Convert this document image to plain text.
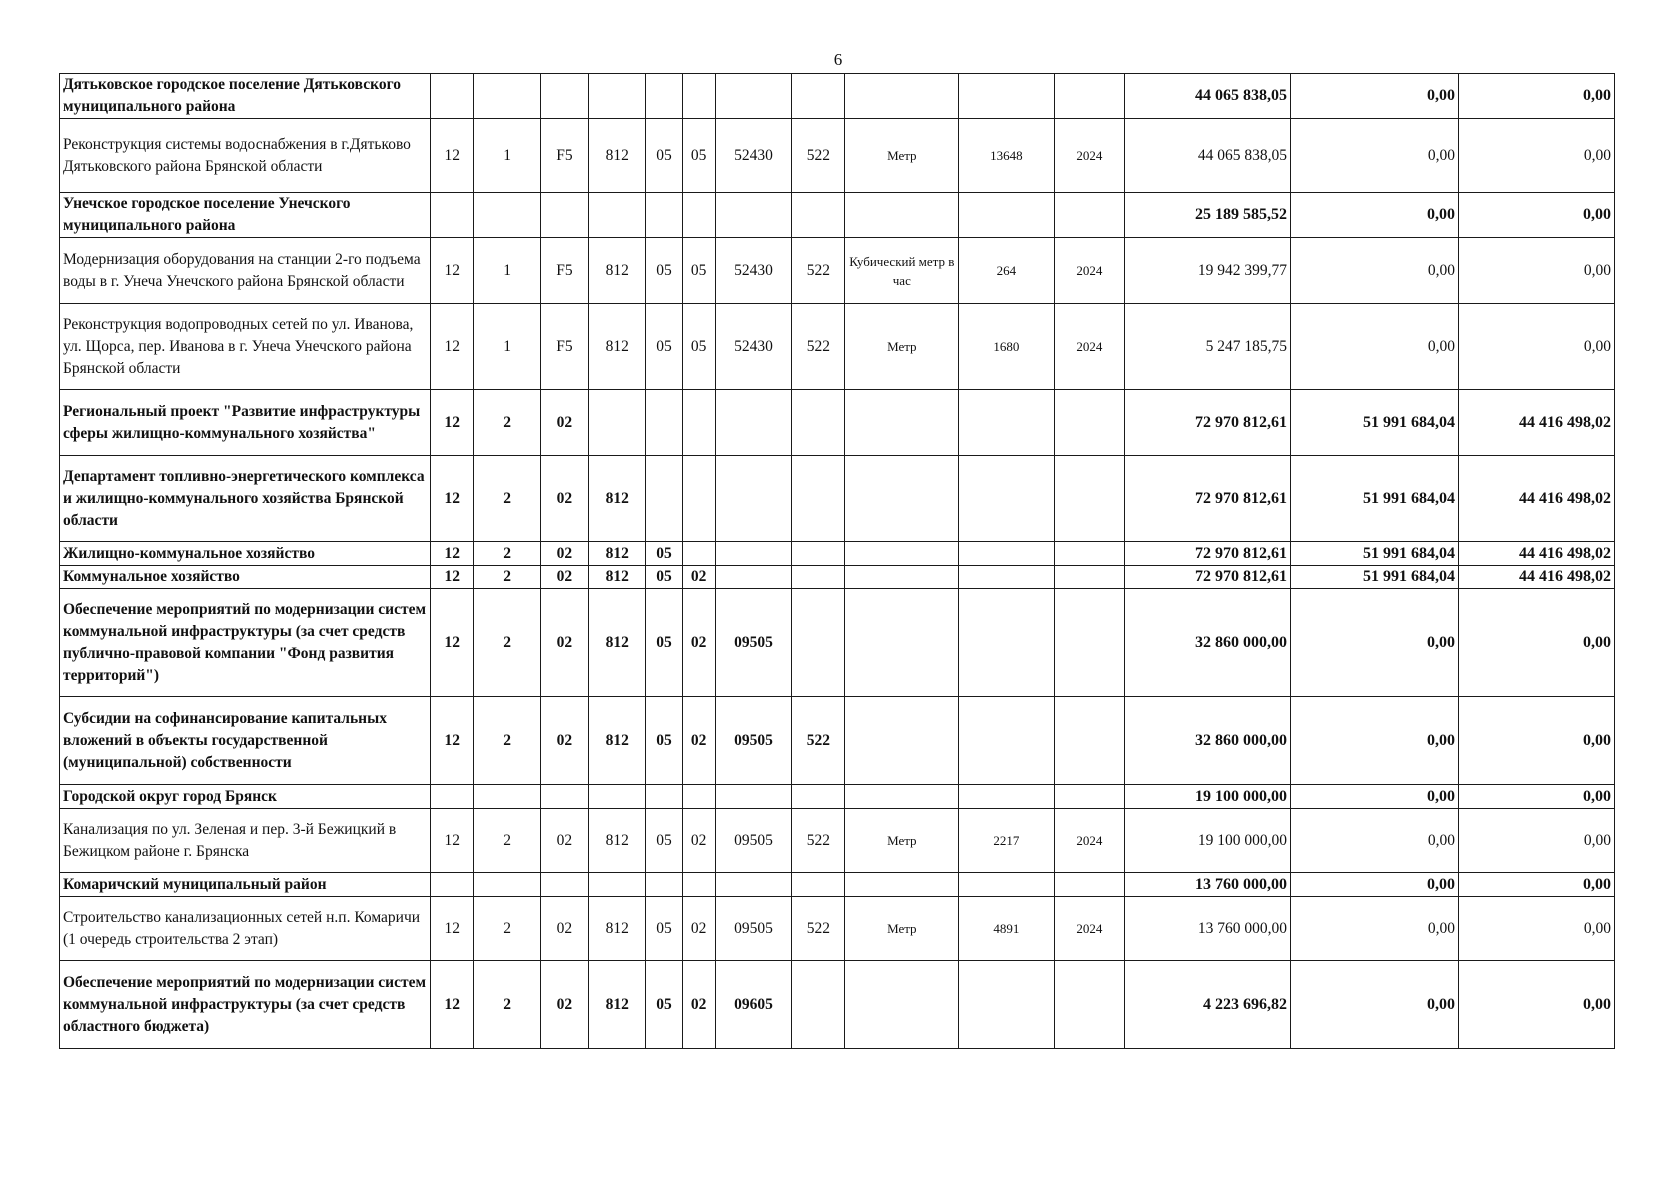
6
Дятьковское городское поселение Дятьковского муниципального района												44 065 838,05	0,00	0,00
Реконструкция системы водоснабжения в г.Дятьково Дятьковского района Брянской области	12	1	F5	812	05	05	52430	522	Метр	13648	2024	44 065 838,05	0,00	0,00
Унечское городское поселение Унечского муниципального района												25 189 585,52	0,00	0,00
Модернизация оборудования на станции 2-го подъема воды в г. Унеча Унечского района Брянской области	12	1	F5	812	05	05	52430	522	Кубический метр в час	264	2024	19 942 399,77	0,00	0,00
Реконструкция водопроводных сетей по ул. Иванова, ул. Щорса, пер. Иванова в г. Унеча Унечского района Брянской области	12	1	F5	812	05	05	52430	522	Метр	1680	2024	5 247 185,75	0,00	0,00
Региональный проект "Развитие инфраструктуры сферы жилищно-коммунального хозяйства"	12	2	02									72 970 812,61	51 991 684,04	44 416 498,02
Департамент топливно-энергетического комплекса и жилищно-коммунального хозяйства Брянской области	12	2	02	812								72 970 812,61	51 991 684,04	44 416 498,02
Жилищно-коммунальное хозяйство	12	2	02	812	05							72 970 812,61	51 991 684,04	44 416 498,02
Коммунальное хозяйство	12	2	02	812	05	02						72 970 812,61	51 991 684,04	44 416 498,02
Обеспечение мероприятий по модернизации систем коммунальной инфраструктуры (за счет средств публично-правовой компании "Фонд развития территорий")	12	2	02	812	05	02	09505					32 860 000,00	0,00	0,00
Субсидии на софинансирование капитальных вложений в объекты государственной (муниципальной) собственности	12	2	02	812	05	02	09505	522				32 860 000,00	0,00	0,00
Городской округ город Брянск												19 100 000,00	0,00	0,00
Канализация по ул. Зеленая и пер. 3-й Бежицкий в Бежицком районе г. Брянска	12	2	02	812	05	02	09505	522	Метр	2217	2024	19 100 000,00	0,00	0,00
Комаричский муниципальный район												13 760 000,00	0,00	0,00
Строительство канализационных сетей н.п. Комаричи (1 очередь строительства 2 этап)	12	2	02	812	05	02	09505	522	Метр	4891	2024	13 760 000,00	0,00	0,00
Обеспечение мероприятий по модернизации систем коммунальной инфраструктуры (за счет средств областного бюджета)	12	2	02	812	05	02	09605					4 223 696,82	0,00	0,00
